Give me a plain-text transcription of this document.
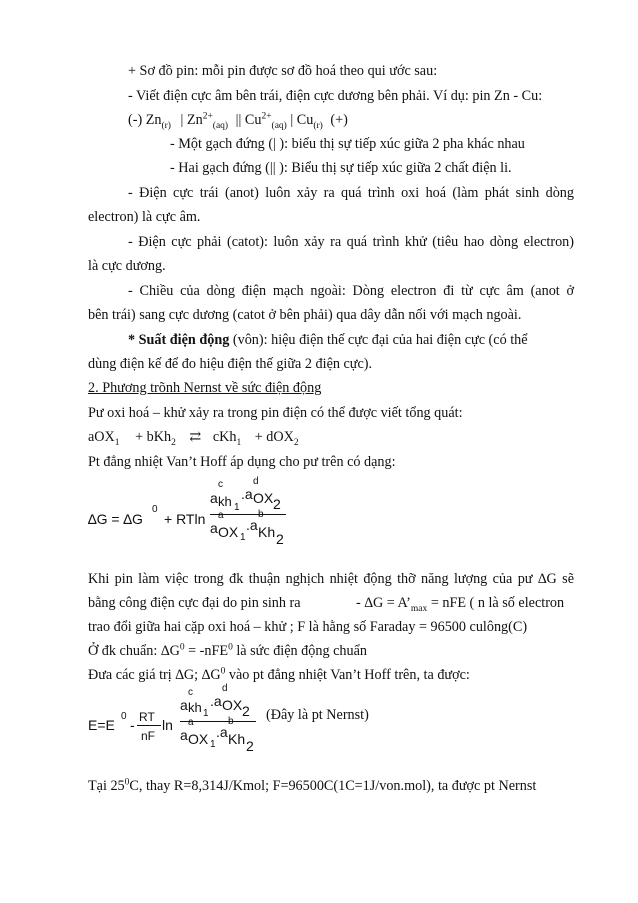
+ Sơ đồ pin: mỗi pin được sơ đồ hoá theo qui ước sau:
- Viết điện cực âm bên trái, điện cực dương bên phải. Ví dụ: pin Zn - Cu:
(-) $Zn_{(r)}$ | $Zn^{2+}_{(aq)}$ || $Cu^{2+}_{(aq)}$ | $Cu_{(r)}$ (+)
- Một gạch đứng (| ): biểu thị sự tiếp xúc giữa 2 pha khác nhau
- Hai gạch đứng (|| ): Biểu thị sự tiếp xúc giữa 2 chất điện li.
- Điện cực trái (anot) luôn xảy ra quá trình oxi hoá (làm phát sinh dòng
electron) là cực âm.
- Điện cực phải (catot): luôn xảy ra quá trình khử (tiêu hao dòng electron)
là cực dương.
- Chiều của dòng điện mạch ngoài: Dòng electron đi từ cực âm (anot ở
bên trái) sang cực dương (catot ở bên phải) qua dây dẫn nối với mạch ngoài.
* Suất điện động (vôn): hiệu điện thế cực đại của hai điện cực (có thể
dùng điện kế để đo hiệu điện thế giữa 2 điện cực).
2. Phương trõnh Nernst về sức điện động
Pư oxi hoá – khử xảy ra trong pin điện có thể được viết tổng quát:
aOX$_1$ + bKh$_2$ ⇄ cKh$_1$ + dOX$_2$
Pt đẳng nhiệt Van’t Hoff áp dụng cho pư trên có dạng:
∆G = ∆G
0
+ RTln
a
c
kh 1
.a
d
OX 2
a
a
OX 1
.a
b
Kh 2
Khi pin làm việc trong đk thuận nghịch nhiệt động thỡ năng lượng của pư ∆G sẽ
bằng công điện cực đại do pin sinh ra	- $\Delta G = A’_{max}$ = nFE ( n là số electron
trao đổi giữa hai cặp oxi hoá – khử ; F là hằng số Faraday = 96500 culông(C)
Ở đk chuẩn: $\Delta G^0 = -nFE^0$ là sức điện động chuẩn
Đưa các giá trị ∆G; $\Delta G^0$ vào pt đẳng nhiệt Van’t Hoff trên, ta được:
E=E
0
- RT
nF
ln
a
c
kh 1
.a
d
OX 2
a
a
OX 1
.a
b
Kh 2
(Đây là pt Nernst)
Tại $25^0C$, thay R=8,314J/Kmol; F=96500C(1C=1J/von.mol), ta được pt Nernst
